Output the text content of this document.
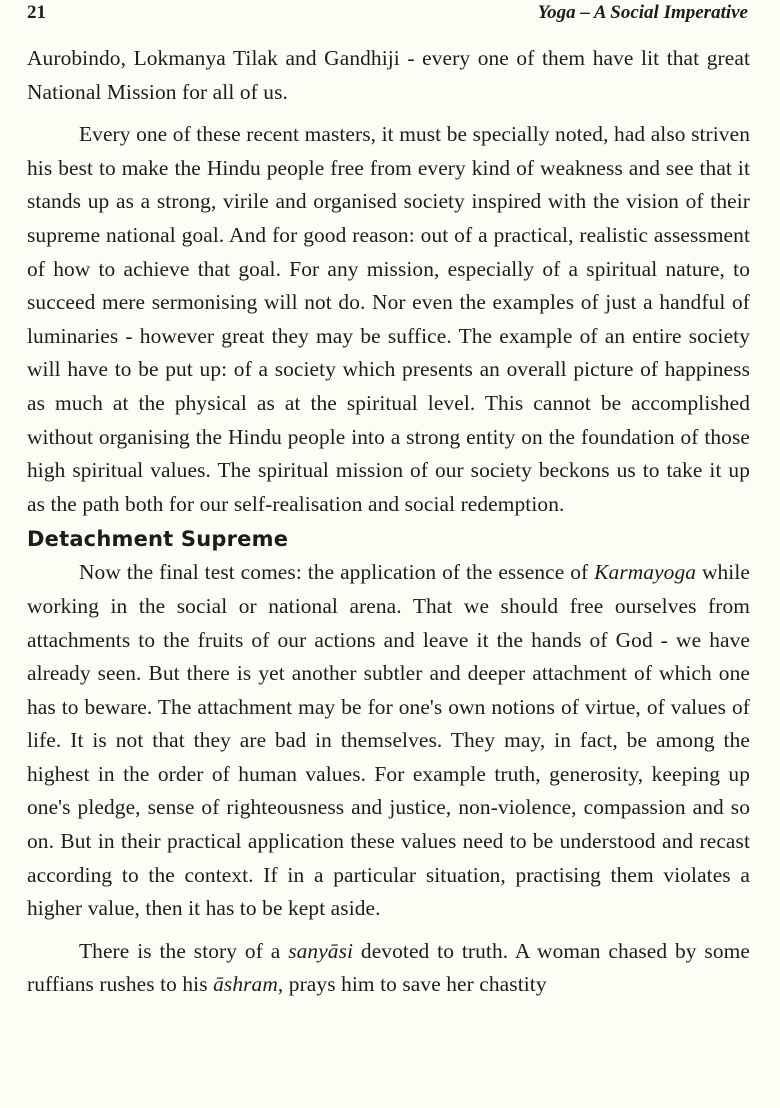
21	Yoga – A Social Imperative

Aurobindo, Lokmanya Tilak and Gandhiji - every one of them have lit that great National Mission for all of us.

Every one of these recent masters, it must be specially noted, had also striven his best to make the Hindu people free from every kind of weakness and see that it stands up as a strong, virile and organised society inspired with the vision of their supreme national goal. And for good reason: out of a practical, realistic assessment of how to achieve that goal. For any mission, especially of a spiritual nature, to succeed mere sermonising will not do. Nor even the examples of just a handful of luminaries - however great they may be suffice. The example of an entire society will have to be put up: of a society which presents an overall picture of happiness as much at the physical as at the spiritual level. This cannot be accomplished without organising the Hindu people into a strong entity on the foundation of those high spiritual values. The spiritual mission of our society beckons us to take it up as the path both for our self-realisation and social redemption.

Detachment Supreme

Now the final test comes: the application of the essence of Karmayoga while working in the social or national arena. That we should free ourselves from attachments to the fruits of our actions and leave it the hands of God - we have already seen. But there is yet another subtler and deeper attachment of which one has to beware. The attachment may be for one's own notions of virtue, of values of life. It is not that they are bad in themselves. They may, in fact, be among the highest in the order of human values. For example truth, generosity, keeping up one's pledge, sense of righteousness and justice, non-violence, compassion and so on. But in their practical application these values need to be understood and recast according to the context. If in a particular situation, practising them violates a higher value, then it has to be kept aside.

There is the story of a sanyāsi devoted to truth. A woman chased by some ruffians rushes to his āshram, prays him to save her chastity
